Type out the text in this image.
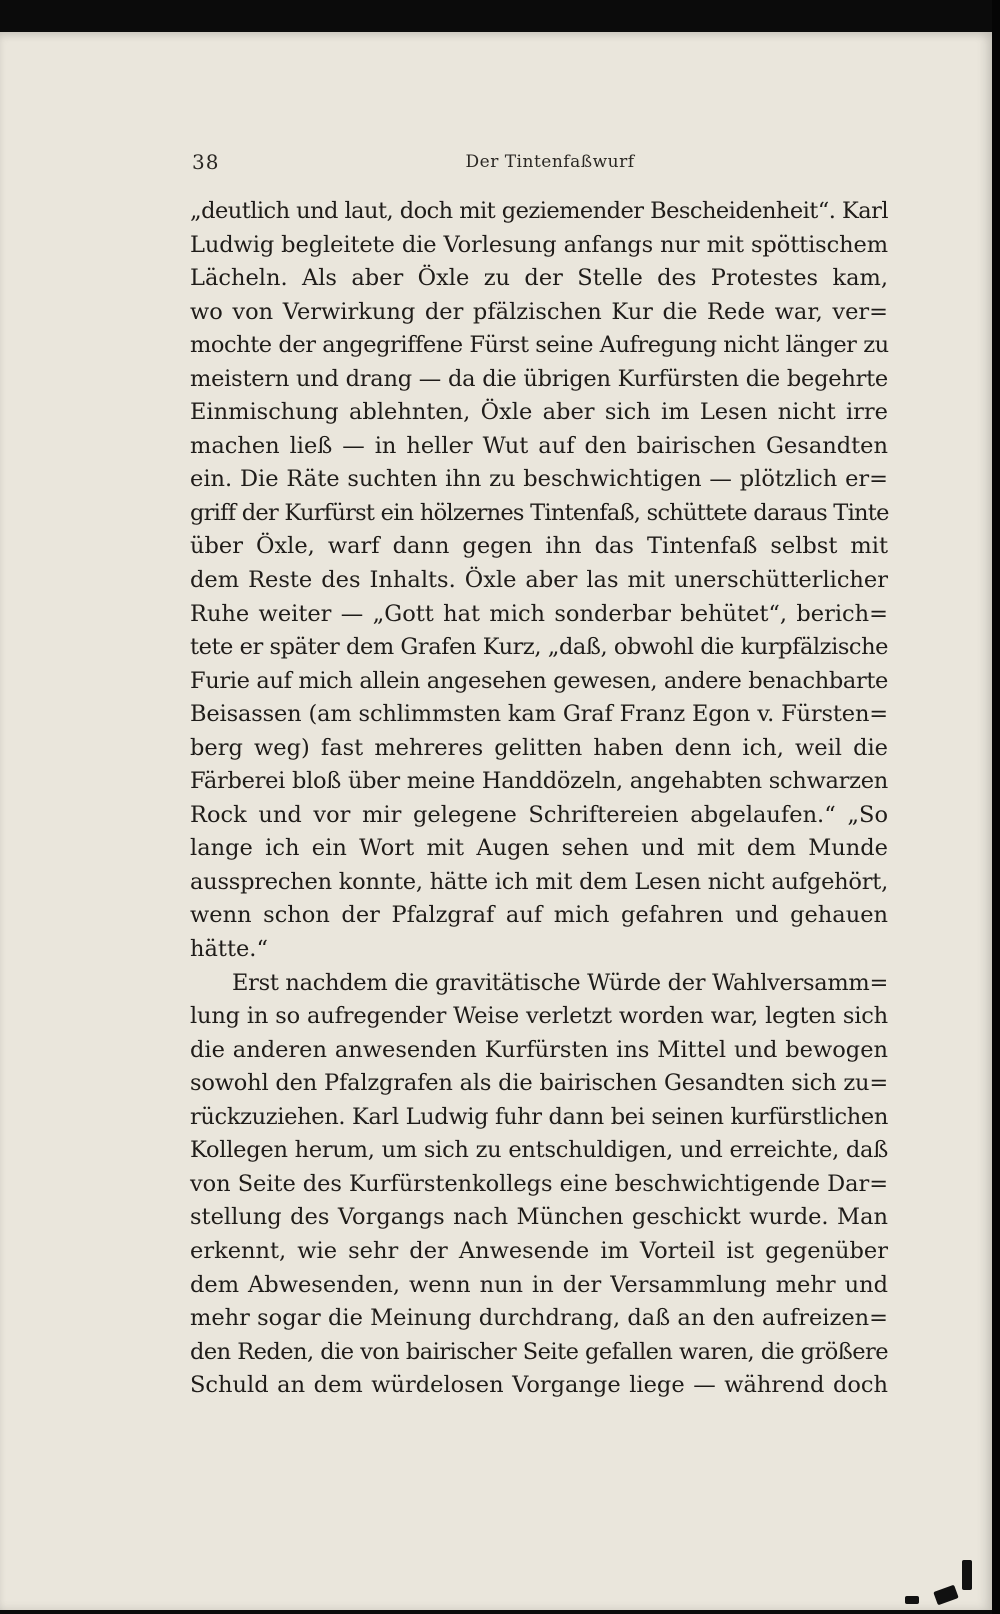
38	Der Tintenfaßwurf
„deutlich und laut, doch mit geziemender Bescheidenheit“. Karl
Ludwig begleitete die Vorlesung anfangs nur mit spöttischem
Lächeln. Als aber Öxle zu der Stelle des Protestes kam,
wo von Verwirkung der pfälzischen Kur die Rede war, ver=
mochte der angegriffene Fürst seine Aufregung nicht länger zu
meistern und drang — da die übrigen Kurfürsten die begehrte
Einmischung ablehnten, Öxle aber sich im Lesen nicht irre
machen ließ — in heller Wut auf den bairischen Gesandten
ein. Die Räte suchten ihn zu beschwichtigen — plötzlich er=
griff der Kurfürst ein hölzernes Tintenfaß, schüttete daraus Tinte
über Öxle, warf dann gegen ihn das Tintenfaß selbst mit
dem Reste des Inhalts. Öxle aber las mit unerschütterlicher
Ruhe weiter — „Gott hat mich sonderbar behütet“, berich=
tete er später dem Grafen Kurz, „daß, obwohl die kurpfälzische
Furie auf mich allein angesehen gewesen, andere benachbarte
Beisassen (am schlimmsten kam Graf Franz Egon v. Fürsten=
berg weg) fast mehreres gelitten haben denn ich, weil die
Färberei bloß über meine Handdözeln, angehabten schwarzen
Rock und vor mir gelegene Schriftereien abgelaufen.“ „So
lange ich ein Wort mit Augen sehen und mit dem Munde
aussprechen konnte, hätte ich mit dem Lesen nicht aufgehört,
wenn schon der Pfalzgraf auf mich gefahren und gehauen
hätte.“
Erst nachdem die gravitätische Würde der Wahlversamm=
lung in so aufregender Weise verletzt worden war, legten sich
die anderen anwesenden Kurfürsten ins Mittel und bewogen
sowohl den Pfalzgrafen als die bairischen Gesandten sich zu=
rückzuziehen. Karl Ludwig fuhr dann bei seinen kurfürstlichen
Kollegen herum, um sich zu entschuldigen, und erreichte, daß
von Seite des Kurfürstenkollegs eine beschwichtigende Dar=
stellung des Vorgangs nach München geschickt wurde. Man
erkennt, wie sehr der Anwesende im Vorteil ist gegenüber
dem Abwesenden, wenn nun in der Versammlung mehr und
mehr sogar die Meinung durchdrang, daß an den aufreizen=
den Reden, die von bairischer Seite gefallen waren, die größere
Schuld an dem würdelosen Vorgange liege — während doch
